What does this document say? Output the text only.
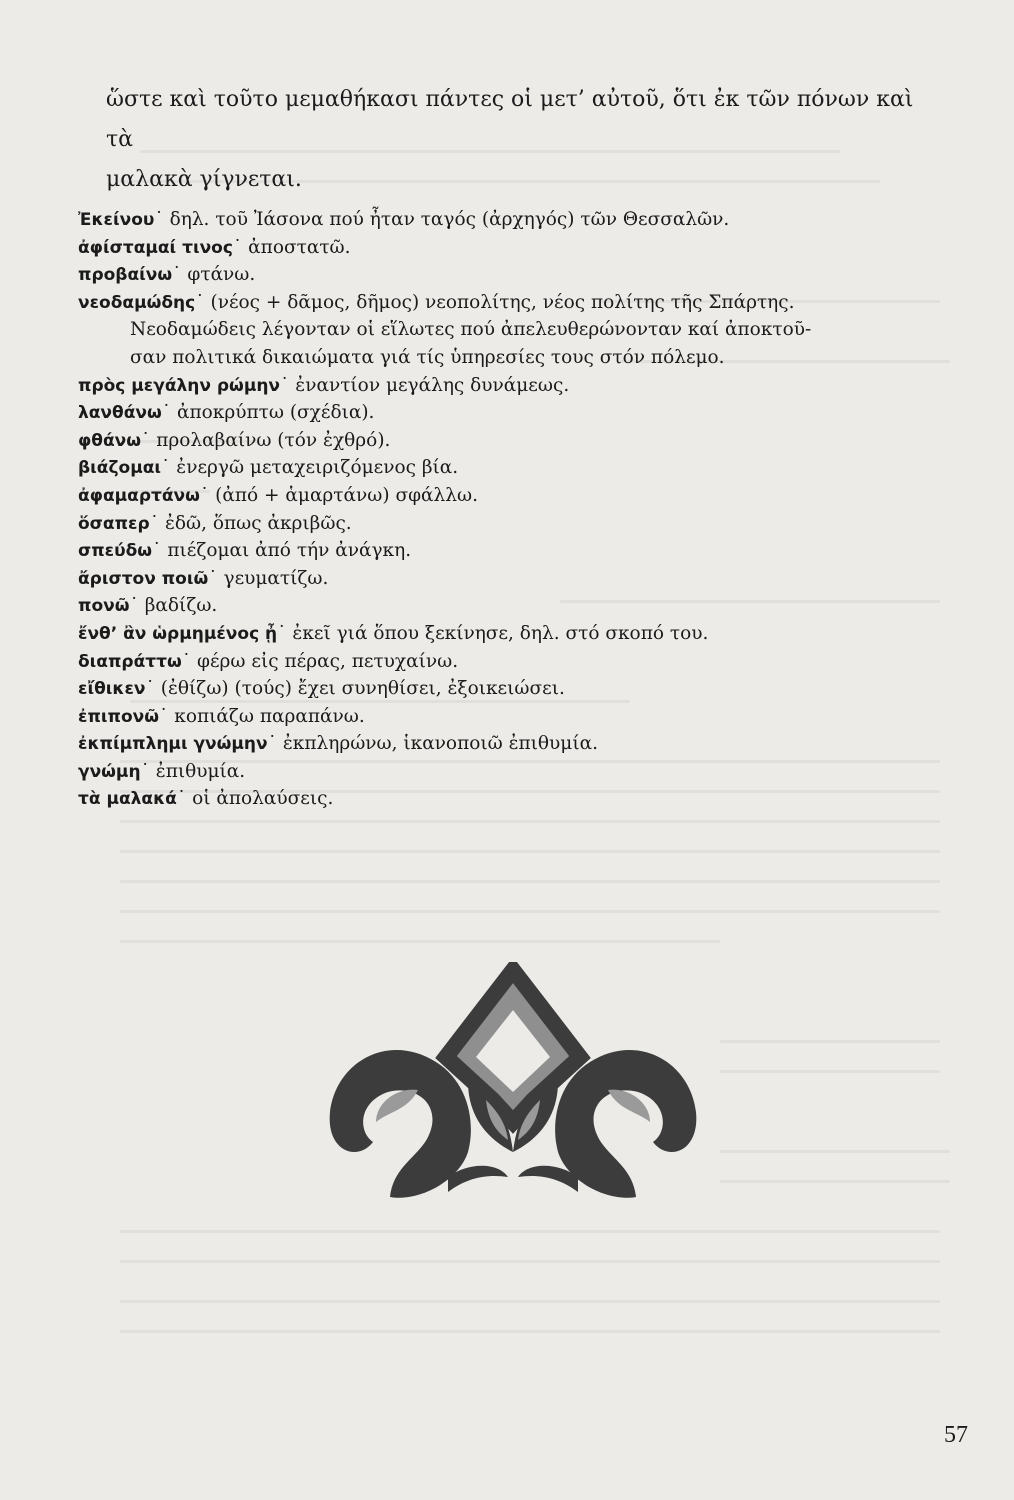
ὥστε καὶ τοῦτο μεμαθήκασι πάντες οἱ μετ’ αὐτοῦ, ὅτι ἐκ τῶν πόνων καὶ τὰ
μαλακὰ γίγνεται.
Ἐκείνου˙ δηλ. τοῦ Ἰάσονα πού ἦταν ταγός (ἀρχηγός) τῶν Θεσσαλῶν.
ἀφίσταμαί τινος˙ ἀποστατῶ.
προβαίνω˙ φτάνω.
νεοδαμώδης˙ (νέος + δᾶμος, δῆμος) νεοπολίτης, νέος πολίτης τῆς Σπάρτης.
Νεοδαμώδεις λέγονταν οἱ εἵλωτες πού ἀπελευθερώνονταν καί ἀποκτοῦ-
σαν πολιτικά δικαιώματα γιά τίς ὑπηρεσίες τους στόν πόλεμο.
πρὸς μεγάλην ρώμην˙ ἐναντίον μεγάλης δυνάμεως.
λανθάνω˙ ἀποκρύπτω (σχέδια).
φθάνω˙ προλαβαίνω (τόν ἐχθρό).
βιάζομαι˙ ἐνεργῶ μεταχειριζόμενος βία.
ἀφαμαρτάνω˙ (ἀπό + ἁμαρτάνω) σφάλλω.
ὅσαπερ˙ ἐδῶ, ὅπως ἀκριβῶς.
σπεύδω˙ πιέζομαι ἀπό τήν ἀνάγκη.
ἄριστον ποιῶ˙ γευματίζω.
πονῶ˙ βαδίζω.
ἔνθ’ ἂν ὡρμημένος ᾖ˙ ἐκεῖ γιά ὅπου ξεκίνησε, δηλ. στό σκοπό του.
διαπράττω˙ φέρω εἰς πέρας, πετυχαίνω.
εἴθικεν˙ (ἐθίζω) (τούς) ἔχει συνηθίσει, ἐξοικειώσει.
ἐπιπονῶ˙ κοπιάζω παραπάνω.
ἐκπίμπλημι γνώμην˙ ἐκπληρώνω, ἱκανοποιῶ ἐπιθυμία.
γνώμη˙ ἐπιθυμία.
τὰ μαλακά˙ οἱ ἀπολαύσεις.
57
